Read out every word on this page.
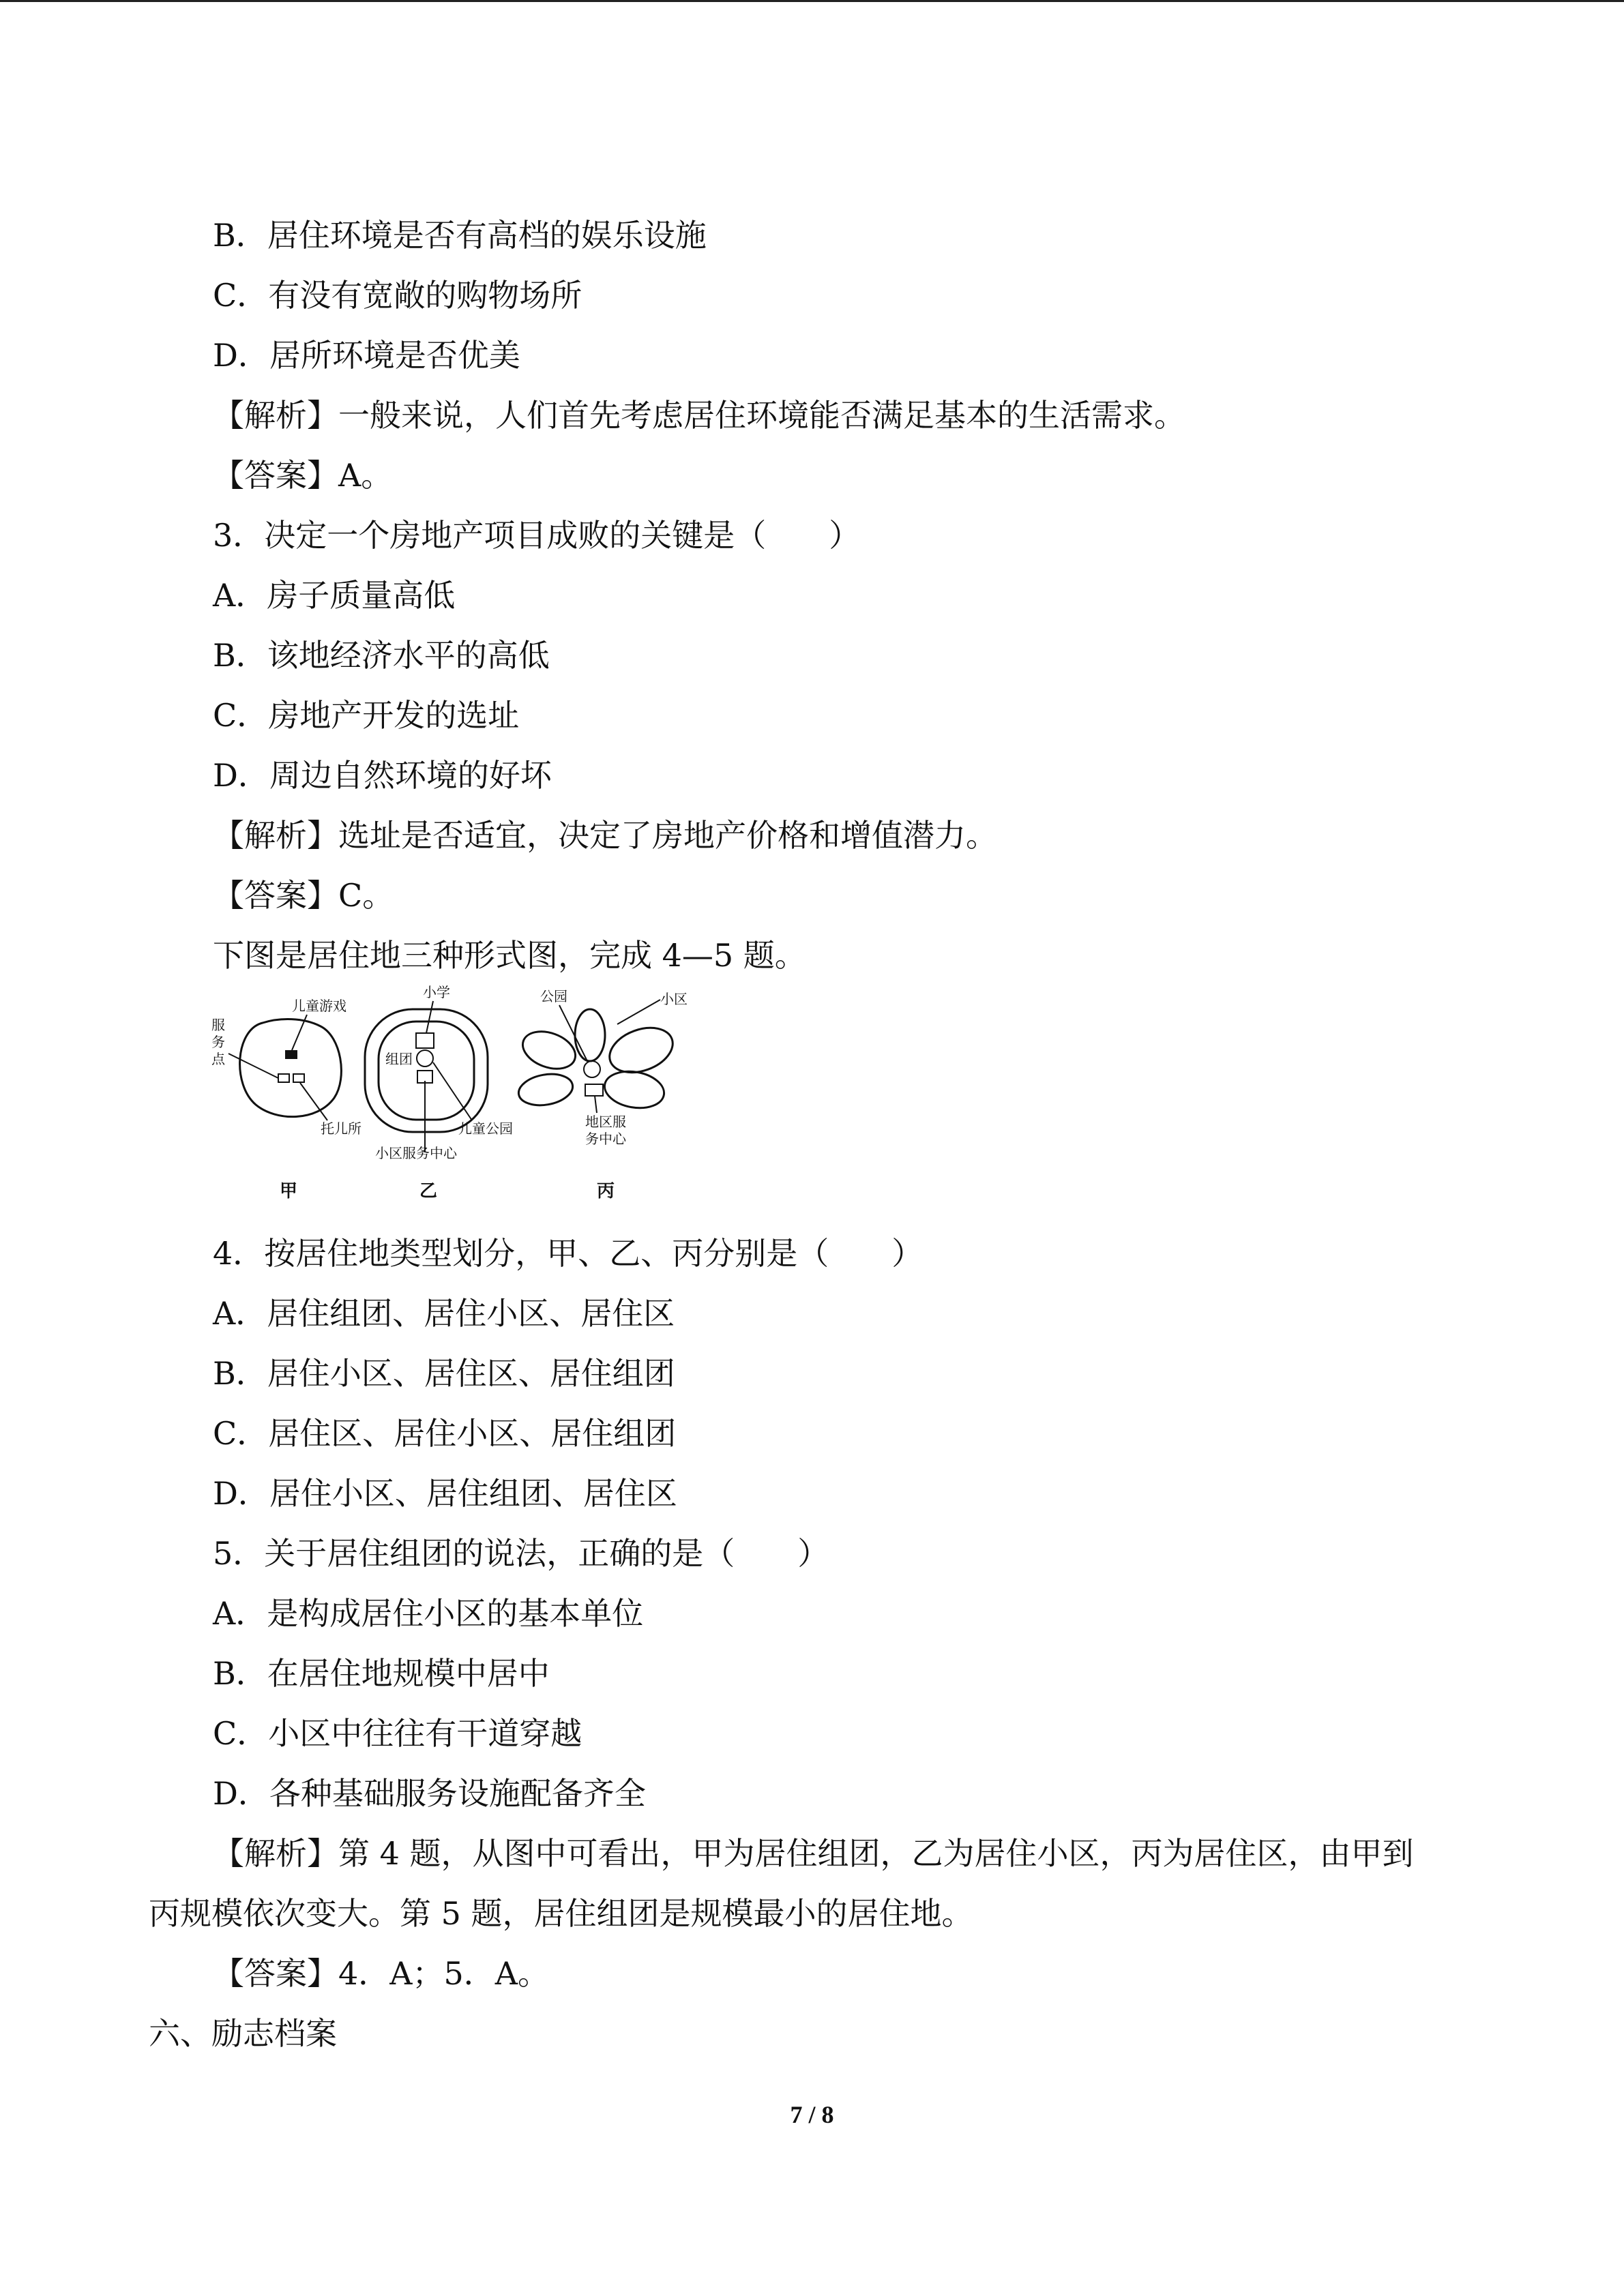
B．居住环境是否有高档的娱乐设施
C．有没有宽敞的购物场所
D．居所环境是否优美
【解析】一般来说，人们首先考虑居住环境能否满足基本的生活需求。
【答案】A。
3．决定一个房地产项目成败的关键是（　　）
A．房子质量高低
B．该地经济水平的高低
C．房地产开发的选址
D．周边自然环境的好坏
【解析】选址是否适宜，决定了房地产价格和增值潜力。
【答案】C。
下图是居住地三种形式图，完成 4—5 题。
服
务
点
儿童游戏
托儿所
甲
组团
小学
儿童公园
小区服务中心
乙
公园	小区
地区服
务中心
丙
4．按居住地类型划分，甲、乙、丙分别是（　　）
A．居住组团、居住小区、居住区
B．居住小区、居住区、居住组团
C．居住区、居住小区、居住组团
D．居住小区、居住组团、居住区
5．关于居住组团的说法，正确的是（　　）
A．是构成居住小区的基本单位
B．在居住地规模中居中
C．小区中往往有干道穿越
D．各种基础服务设施配备齐全
【解析】第 4 题，从图中可看出，甲为居住组团，乙为居住小区，丙为居住区，由甲到
丙规模依次变大。第 5 题，居住组团是规模最小的居住地。
【答案】4．A；5．A。
六、励志档案
7 / 8
